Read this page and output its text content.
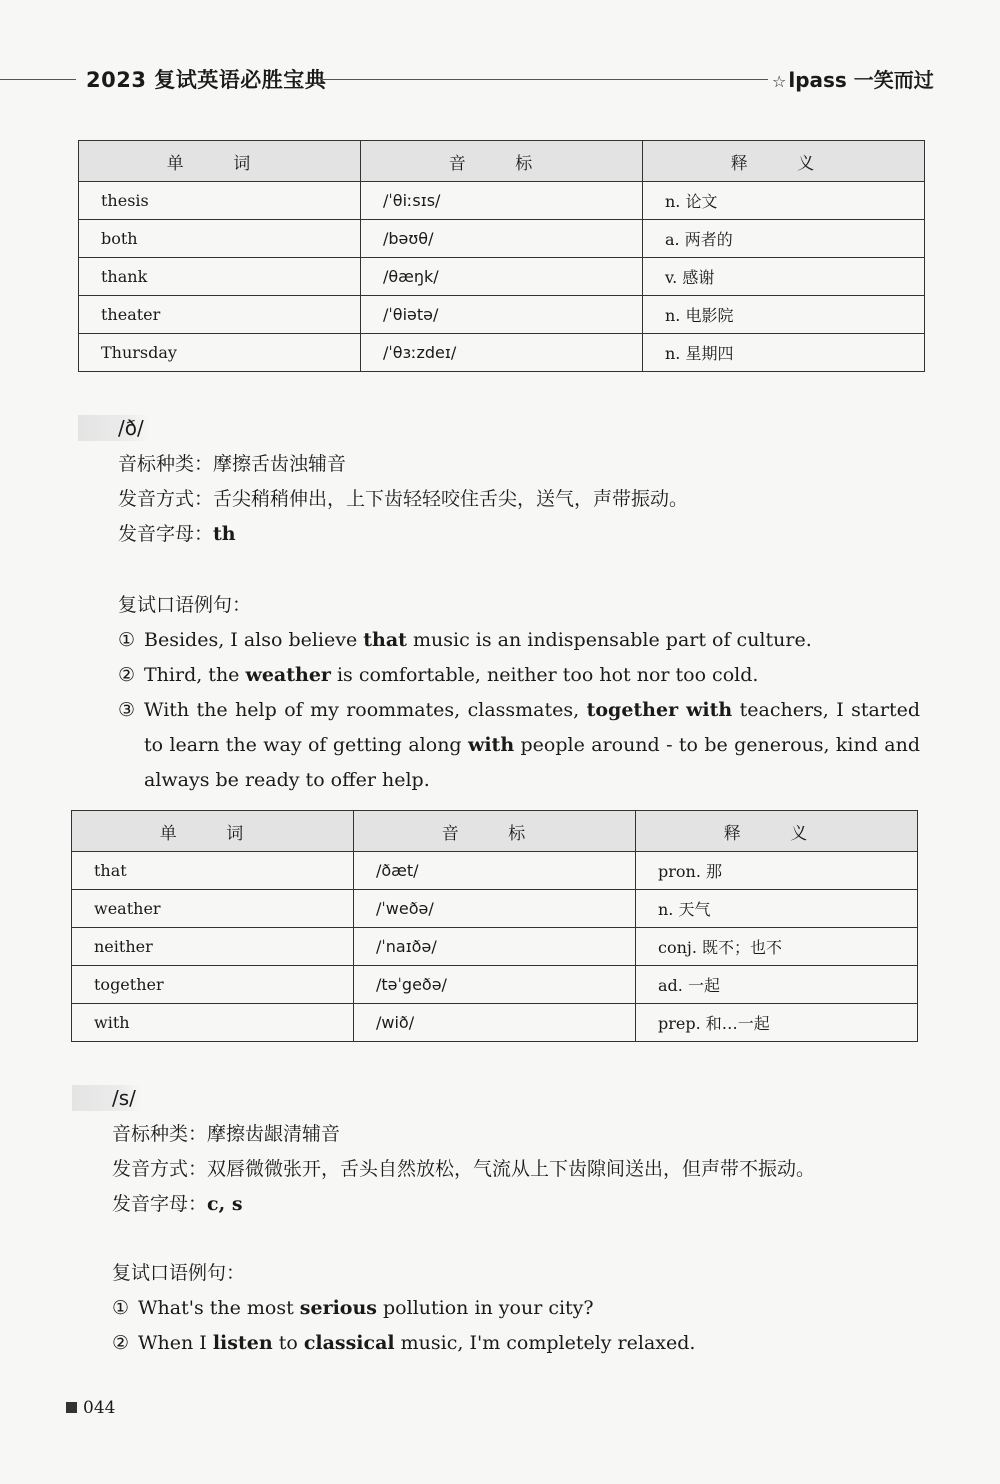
2023 复试英语必胜宝典	☆ lpass 一笑而过
单 词	音 标	释 义
thesis	/ˈθiːsɪs/	n. 论文
both	/bəʊθ/	a. 两者的
thank	/θæŋk/	v. 感谢
theater	/ˈθiətə/	n. 电影院
Thursday	/ˈθɜːzdeɪ/	n. 星期四
/ð/
音标种类：摩擦舌齿浊辅音
发音方式：舌尖稍稍伸出，上下齿轻轻咬住舌尖，送气，声带振动。
发音字母：th
复试口语例句：
① Besides, I also believe that music is an indispensable part of culture.
② Third, the weather is comfortable, neither too hot nor too cold.
③ With the help of my roommates, classmates, together with teachers, I started to learn the way of getting along with people around - to be generous, kind and always be ready to offer help.
单 词	音 标	释 义
that	/ðæt/	pron. 那
weather	/ˈweðə/	n. 天气
neither	/ˈnaɪðə/	conj. 既不；也不
together	/təˈgeðə/	ad. 一起
with	/wið/	prep. 和…一起
/s/
音标种类：摩擦齿龈清辅音
发音方式：双唇微微张开，舌头自然放松，气流从上下齿隙间送出，但声带不振动。
发音字母：c, s
复试口语例句：
① What's the most serious pollution in your city?
② When I listen to classical music, I'm completely relaxed.
044
